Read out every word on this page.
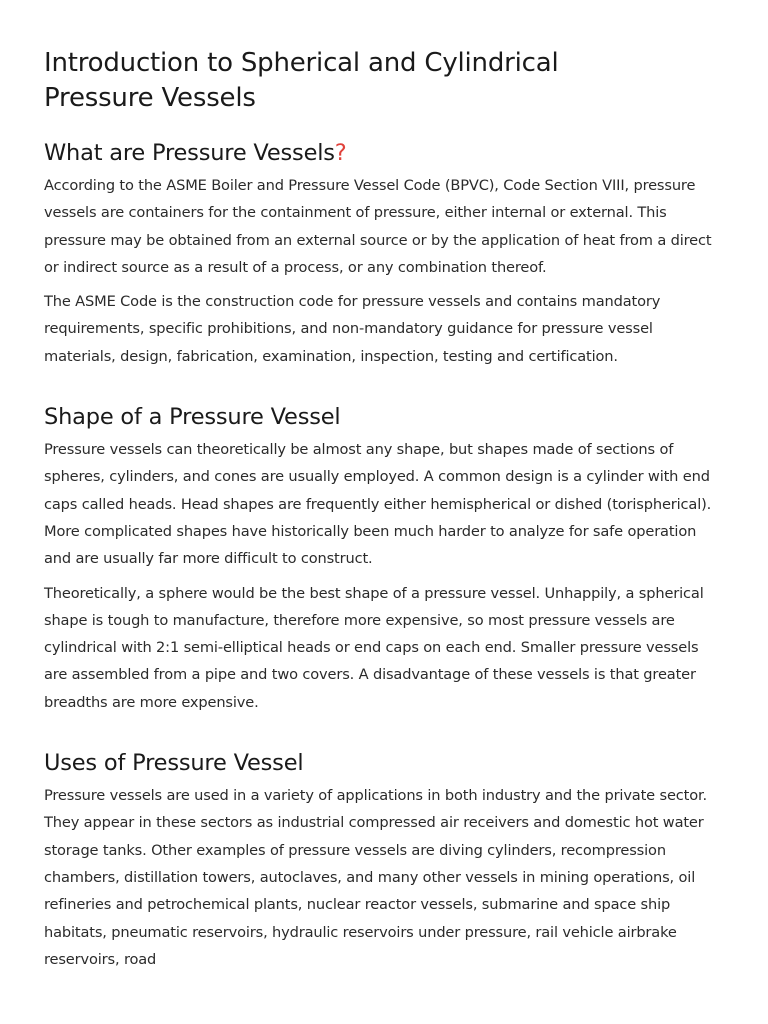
Introduction to Spherical and Cylindrical Pressure Vessels
What are Pressure Vessels?

According to the ASME Boiler and Pressure Vessel Code (BPVC), Code Section VIII, pressure vessels are containers for the containment of pressure, either internal or external. This pressure may be obtained from an external source or by the application of heat from a direct or indirect source as a result of a process, or any combination thereof.

The ASME Code is the construction code for pressure vessels and contains mandatory requirements, specific prohibitions, and non-mandatory guidance for pressure vessel materials, design, fabrication, examination, inspection, testing and certification.

Shape of a Pressure Vessel

Pressure vessels can theoretically be almost any shape, but shapes made of sections of spheres, cylinders, and cones are usually employed. A common design is a cylinder with end caps called heads. Head shapes are frequently either hemispherical or dished (torispherical). More complicated shapes have historically been much harder to analyze for safe operation and are usually far more difficult to construct.

Theoretically, a sphere would be the best shape of a pressure vessel. Unhappily, a spherical shape is tough to manufacture, therefore more expensive, so most pressure vessels are cylindrical with 2:1 semi-elliptical heads or end caps on each end. Smaller pressure vessels are assembled from a pipe and two covers. A disadvantage of these vessels is that greater breadths are more expensive.

Uses of Pressure Vessel

Pressure vessels are used in a variety of applications in both industry and the private sector. They appear in these sectors as industrial compressed air receivers and domestic hot water storage tanks. Other examples of pressure vessels are diving cylinders, recompression chambers, distillation towers, autoclaves, and many other vessels in mining operations, oil refineries and petrochemical plants, nuclear reactor vessels, submarine and space ship habitats, pneumatic reservoirs, hydraulic reservoirs under pressure, rail vehicle airbrake reservoirs, road
